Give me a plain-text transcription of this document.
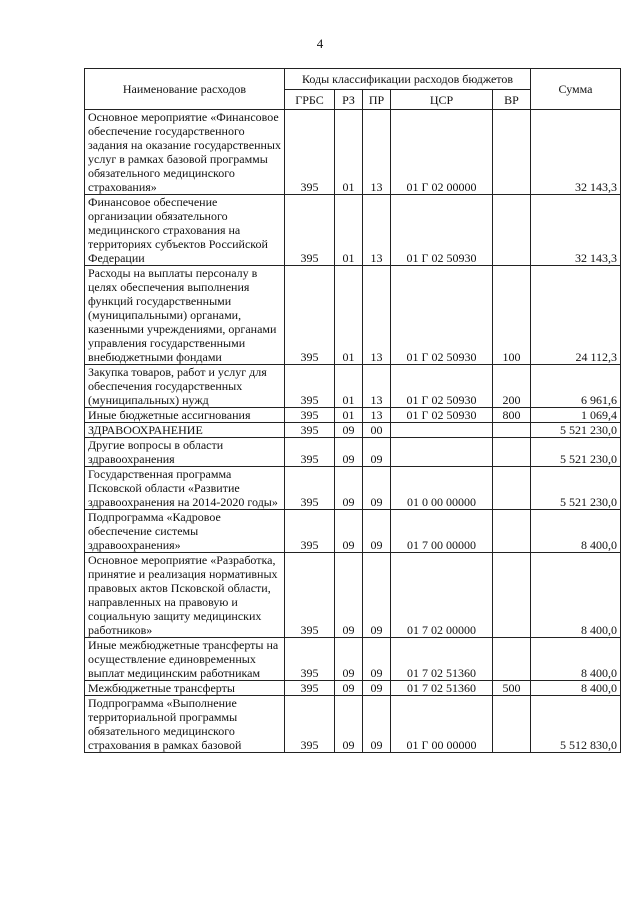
4
Наименование расходов	Коды классификации расходов бюджетов					Сумма
	ГРБС	РЗ	ПР	ЦСР	ВР	
Основное мероприятие «Финансовое обеспечение государственного задания на оказание государственных услуг в рамках базовой программы обязательного медицинского страхования»	395	01	13	01 Г 02 00000		32 143,3
Финансовое обеспечение организации обязательного медицинского страхования на территориях субъектов Российской Федерации	395	01	13	01 Г 02 50930		32 143,3
Расходы на выплаты персоналу в целях обеспечения выполнения функций государственными (муниципальными) органами, казенными учреждениями, органами управления государственными внебюджетными фондами	395	01	13	01 Г 02 50930	100	24 112,3
Закупка товаров, работ и услуг для обеспечения государственных (муниципальных) нужд	395	01	13	01 Г 02 50930	200	6 961,6
Иные бюджетные ассигнования	395	01	13	01 Г 02 50930	800	1 069,4
ЗДРАВООХРАНЕНИЕ	395	09	00			5 521 230,0
Другие вопросы в области здравоохранения	395	09	09			5 521 230,0
Государственная программа Псковской области «Развитие здравоохранения на 2014-2020 годы»	395	09	09	01 0 00 00000		5 521 230,0
Подпрограмма «Кадровое обеспечение системы здравоохранения»	395	09	09	01 7 00 00000		8 400,0
Основное мероприятие «Разработка, принятие и реализация нормативных правовых актов Псковской области, направленных на правовую и социальную защиту медицинских работников»	395	09	09	01 7 02 00000		8 400,0
Иные межбюджетные трансферты на осуществление единовременных выплат медицинским работникам	395	09	09	01 7 02 51360		8 400,0
Межбюджетные трансферты	395	09	09	01 7 02 51360	500	8 400,0
Подпрограмма «Выполнение территориальной программы обязательного медицинского страхования в рамках базовой	395	09	09	01 Г 00 00000		5 512 830,0
